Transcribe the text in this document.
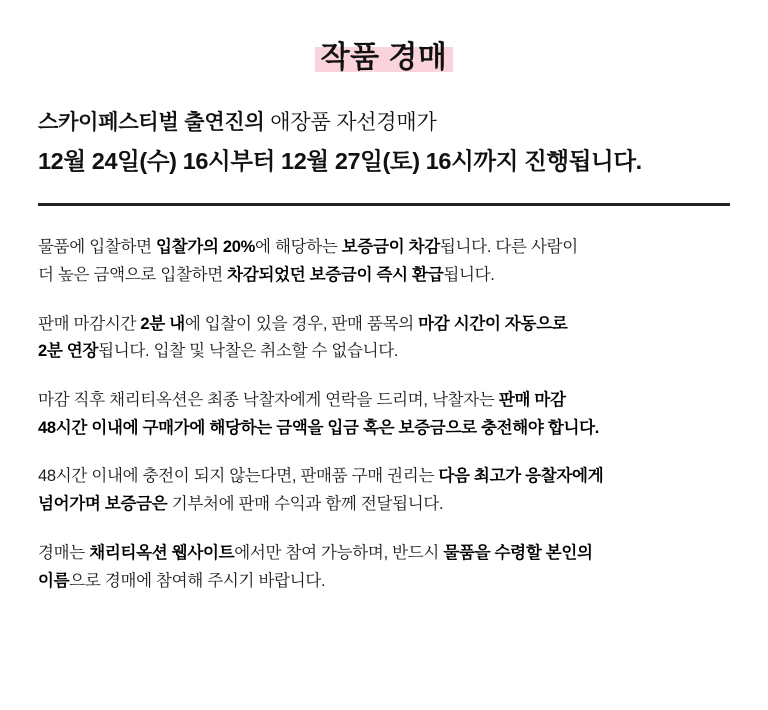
작품 경매
스카이페스티벌 출연진의 애장품 자선경매가
12월 24일(수) 16시부터 12월 27일(토) 16시까지 진행됩니다.

물품에 입찰하면 입찰가의 20%에 해당하는 보증금이 차감됩니다. 다른 사람이
더 높은 금액으로 입찰하면 차감되었던 보증금이 즉시 환급됩니다.

판매 마감시간 2분 내에 입찰이 있을 경우, 판매 품목의 마감 시간이 자동으로
2분 연장됩니다. 입찰 및 낙찰은 취소할 수 없습니다.

마감 직후 채리티옥션은 최종 낙찰자에게 연락을 드리며, 낙찰자는 판매 마감
48시간 이내에 구매가에 해당하는 금액을 입금 혹은 보증금으로 충전해야 합니다.

48시간 이내에 충전이 되지 않는다면, 판매품 구매 권리는 다음 최고가 응찰자에게
넘어가며 보증금은 기부처에 판매 수익과 함께 전달됩니다.

경매는 채리티옥션 웹사이트에서만 참여 가능하며, 반드시 물품을 수령할 본인의
이름으로 경매에 참여해 주시기 바랍니다.
